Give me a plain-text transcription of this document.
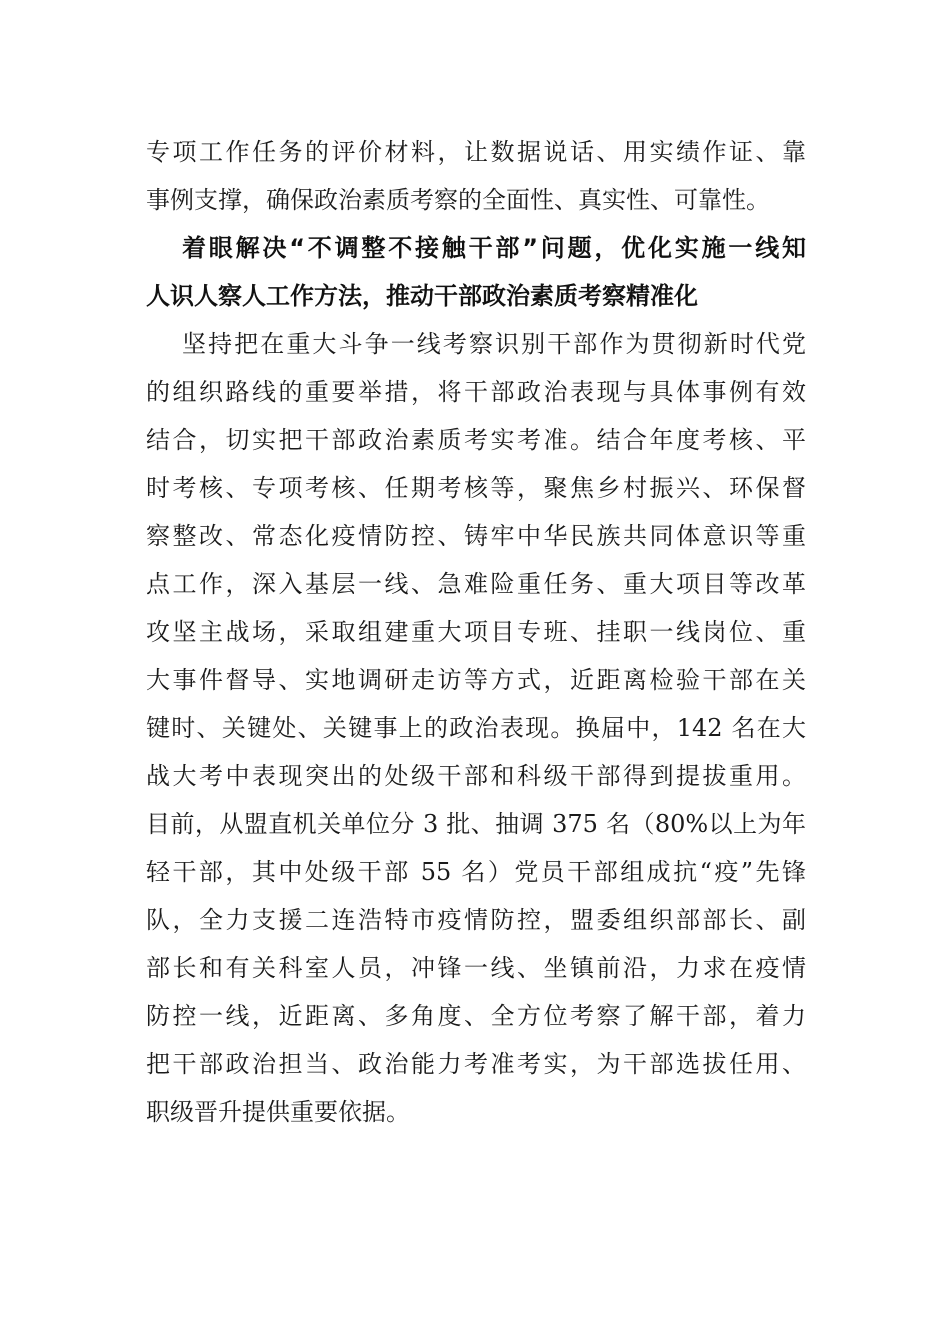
专项工作任务的评价材料，让数据说话、用实绩作证、靠
事例支撑，确保政治素质考察的全面性、真实性、可靠性。
着眼解决“不调整不接触干部”问题，优化实施一线知
人识人察人工作方法，推动干部政治素质考察精准化
坚持把在重大斗争一线考察识别干部作为贯彻新时代党
的组织路线的重要举措，将干部政治表现与具体事例有效
结合，切实把干部政治素质考实考准。结合年度考核、平
时考核、专项考核、任期考核等，聚焦乡村振兴、环保督
察整改、常态化疫情防控、铸牢中华民族共同体意识等重
点工作，深入基层一线、急难险重任务、重大项目等改革
攻坚主战场，采取组建重大项目专班、挂职一线岗位、重
大事件督导、实地调研走访等方式，近距离检验干部在关
键时、关键处、关键事上的政治表现。换届中，142 名在大
战大考中表现突出的处级干部和科级干部得到提拔重用。
目前，从盟直机关单位分 3 批、抽调 375 名（80%以上为年
轻干部，其中处级干部 55 名）党员干部组成抗“疫”先锋
队，全力支援二连浩特市疫情防控，盟委组织部部长、副
部长和有关科室人员，冲锋一线、坐镇前沿，力求在疫情
防控一线，近距离、多角度、全方位考察了解干部，着力
把干部政治担当、政治能力考准考实，为干部选拔任用、
职级晋升提供重要依据。
